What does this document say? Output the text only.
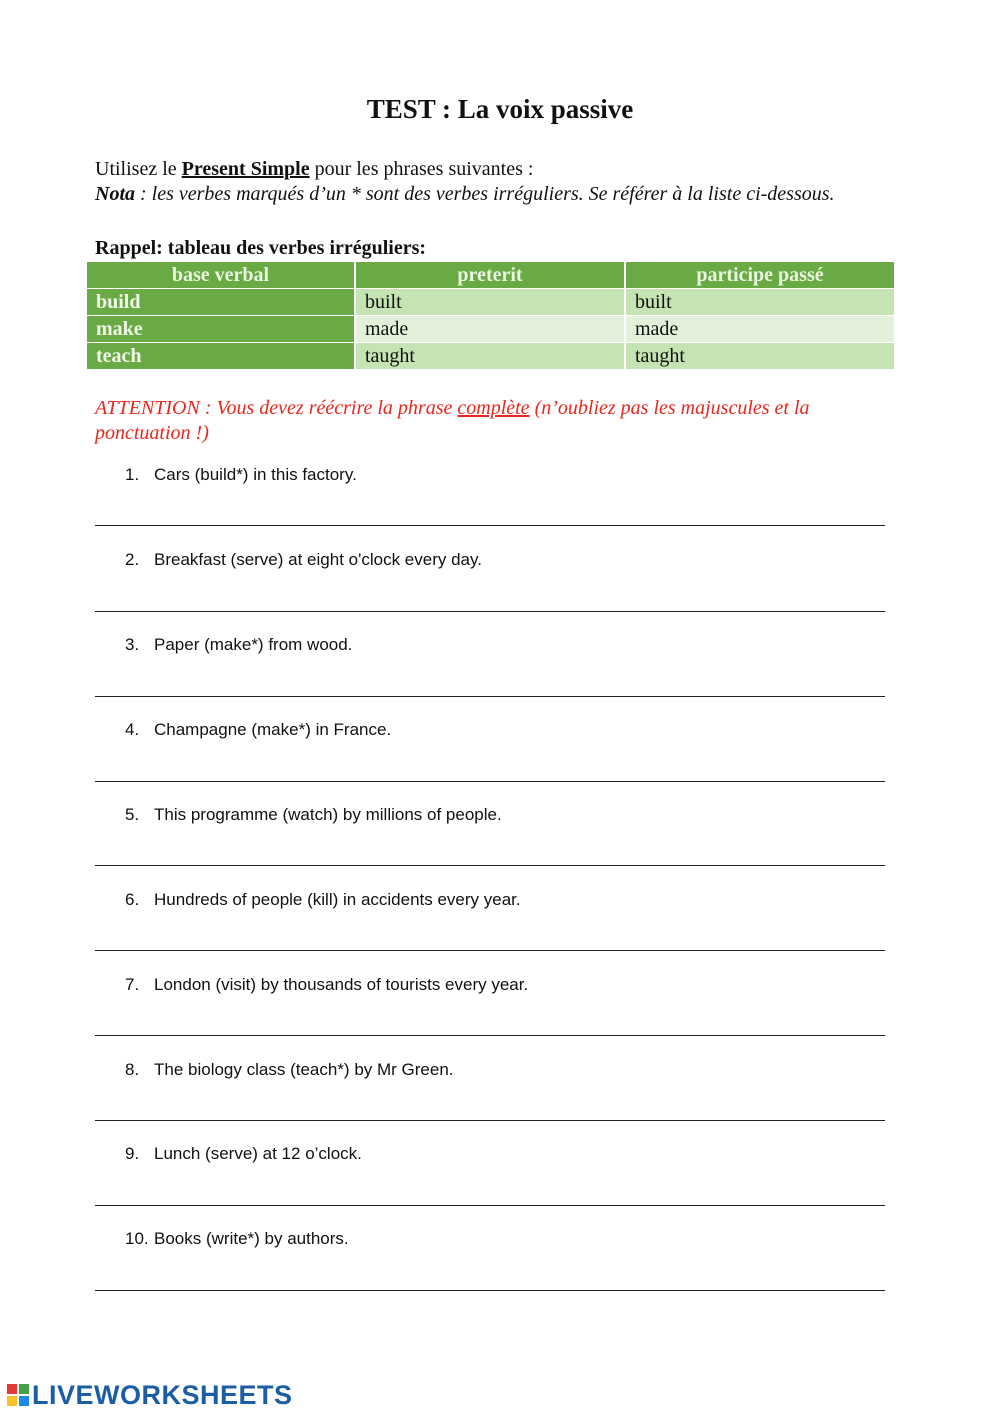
TEST : La voix passive
Utilisez le Present Simple pour les phrases suivantes :
Nota : les verbes marqués d’un * sont des verbes irréguliers. Se référer à la liste ci-dessous.
Rappel: tableau des verbes irréguliers:
base verbal	preterit	participe passé
build	built	built
make	made	made
teach	taught	taught
ATTENTION : Vous devez réécrire la phrase complète (n’oubliez pas les majuscules et la ponctuation !)
1. Cars (build*) in this factory.
2. Breakfast (serve) at eight o'clock every day.
3. Paper (make*) from wood.
4. Champagne (make*) in France.
5. This programme (watch) by millions of people.
6. Hundreds of people (kill) in accidents every year.
7. London (visit) by thousands of tourists every year.
8. The biology class (teach*) by Mr Green.
9. Lunch (serve) at 12 o’clock.
10. Books (write*) by authors.
LIVEWORKSHEETS
